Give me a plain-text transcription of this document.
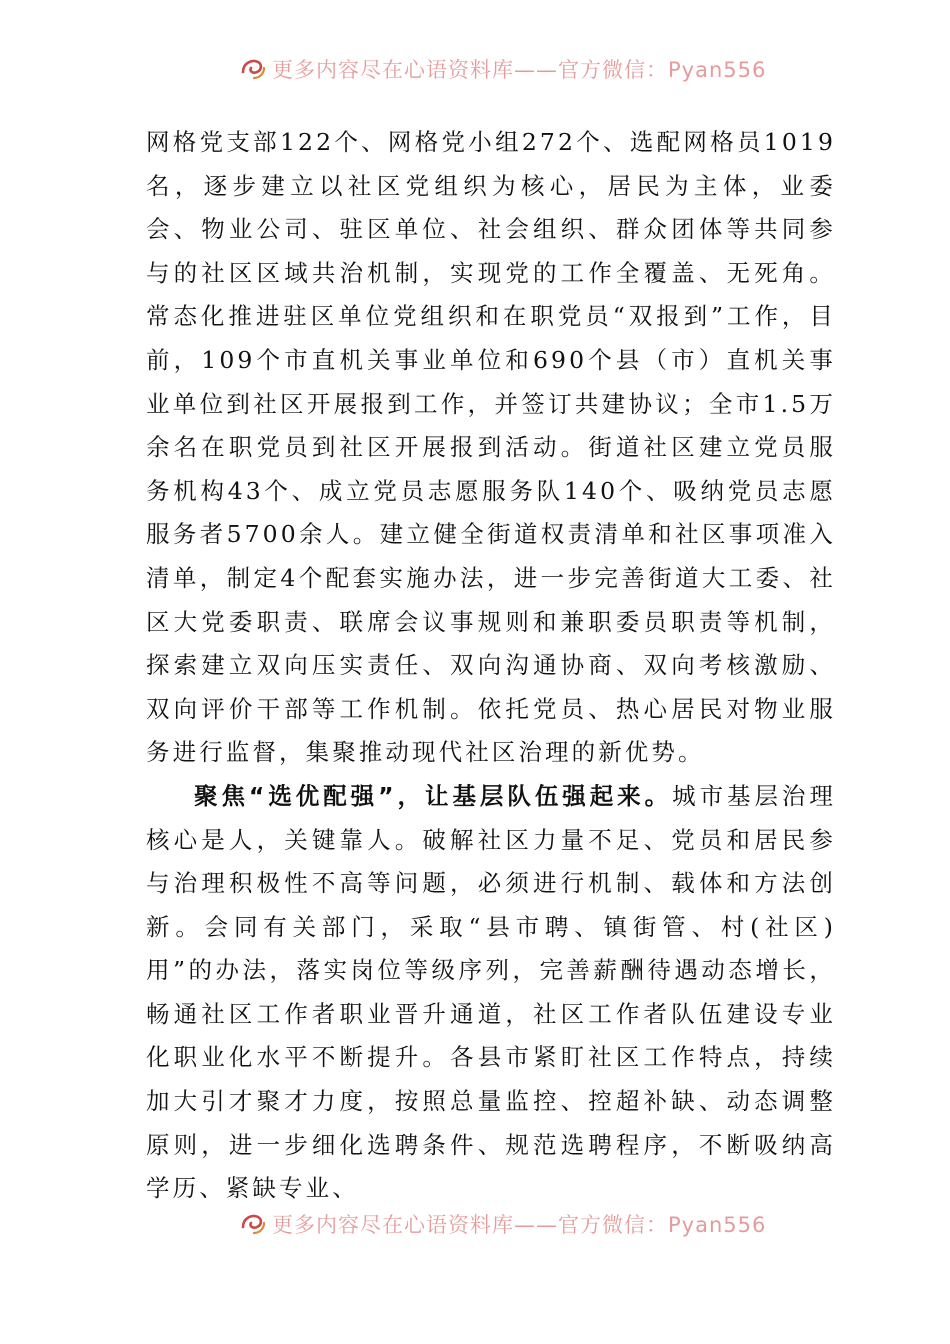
更多内容尽在心语资料库——官方微信：Pyan556

网格党支部122个、网格党小组272个、选配网格员1019名，逐步建立以社区党组织为核心，居民为主体，业委会、物业公司、驻区单位、社会组织、群众团体等共同参与的社区区域共治机制，实现党的工作全覆盖、无死角。常态化推进驻区单位党组织和在职党员“双报到”工作，目前，109个市直机关事业单位和690个县（市）直机关事业单位到社区开展报到工作，并签订共建协议；全市1.5万余名在职党员到社区开展报到活动。街道社区建立党员服务机构43个、成立党员志愿服务队140个、吸纳党员志愿服务者5700余人。建立健全街道权责清单和社区事项准入清单，制定4个配套实施办法，进一步完善街道大工委、社区大党委职责、联席会议事规则和兼职委员职责等机制，探索建立双向压实责任、双向沟通协商、双向考核激励、双向评价干部等工作机制。依托党员、热心居民对物业服务进行监督，集聚推动现代社区治理的新优势。

聚焦“选优配强”，让基层队伍强起来。城市基层治理核心是人，关键靠人。破解社区力量不足、党员和居民参与治理积极性不高等问题，必须进行机制、载体和方法创新。会同有关部门，采取“县市聘、镇街管、村(社区)用”的办法，落实岗位等级序列，完善薪酬待遇动态增长，畅通社区工作者职业晋升通道，社区工作者队伍建设专业化职业化水平不断提升。各县市紧盯社区工作特点，持续加大引才聚才力度，按照总量监控、控超补缺、动态调整原则，进一步细化选聘条件、规范选聘程序，不断吸纳高学历、紧缺专业、

更多内容尽在心语资料库——官方微信：Pyan556
